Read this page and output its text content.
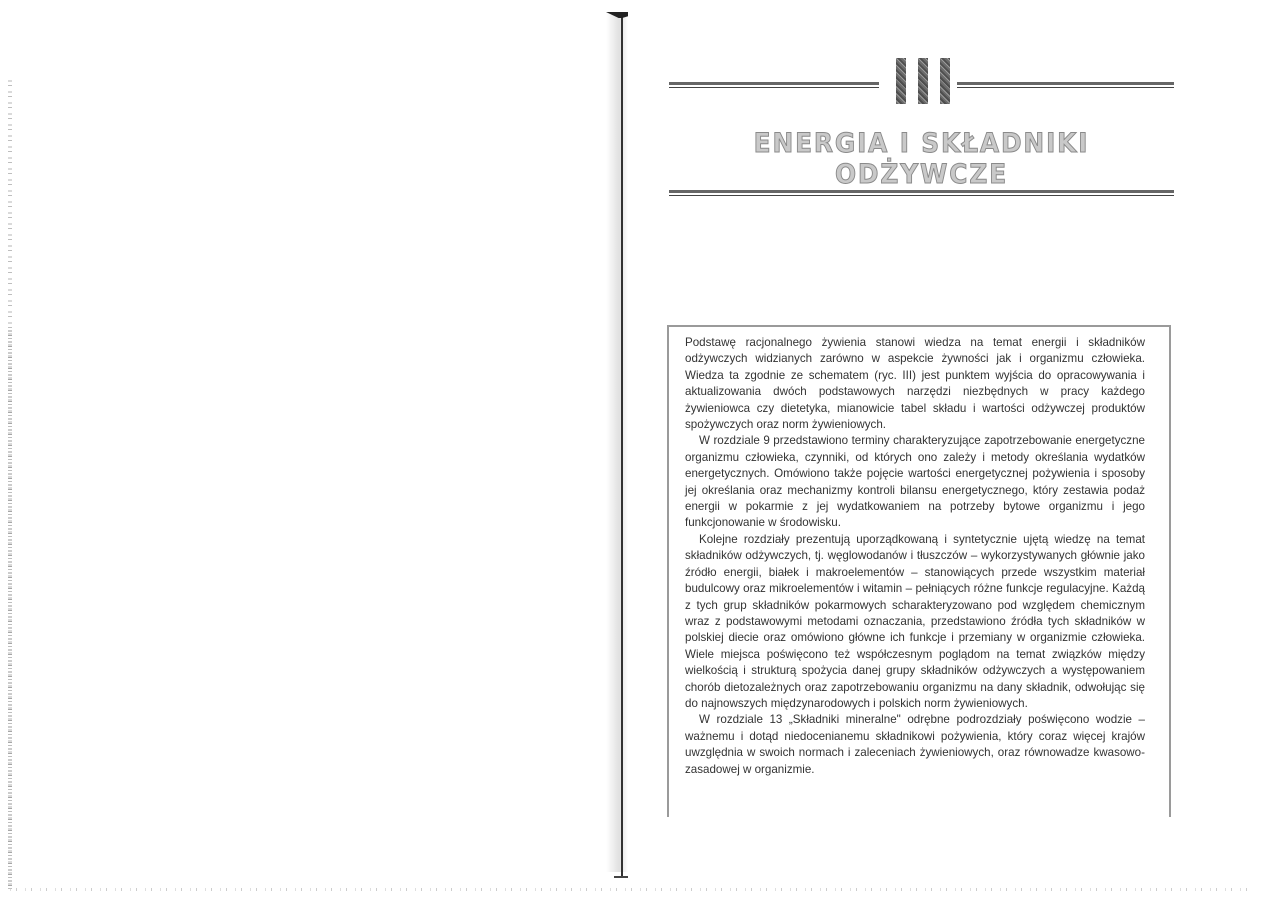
ENERGIA I SKŁADNIKI ODŻYWCZE

Podstawę racjonalnego żywienia stanowi wiedza na temat energii i składników odżywczych widzianych zarówno w aspekcie żywności jak i organizmu człowieka. Wiedza ta zgodnie ze schematem (ryc. III) jest punktem wyjścia do opracowywania i aktualizowania dwóch podstawowych narzędzi niezbędnych w pracy każdego żywieniowca czy dietetyka, mianowicie tabel składu i wartości odżywczej produktów spożywczych oraz norm żywieniowych.

W rozdziale 9 przedstawiono terminy charakteryzujące zapotrzebowanie energetyczne organizmu człowieka, czynniki, od których ono zależy i metody określania wydatków energetycznych. Omówiono także pojęcie wartości energetycznej pożywienia i sposoby jej określania oraz mechanizmy kontroli bilansu energetycznego, który zestawia podaż energii w pokarmie z jej wydatkowaniem na potrzeby bytowe organizmu i jego funkcjonowanie w środowisku.

Kolejne rozdziały prezentują uporządkowaną i syntetycznie ujętą wiedzę na temat składników odżywczych, tj. węglowodanów i tłuszczów – wykorzystywanych głównie jako źródło energii, białek i makroelementów – stanowiących przede wszystkim materiał budulcowy oraz mikroelementów i witamin – pełniących różne funkcje regulacyjne. Każdą z tych grup składników pokarmowych scharakteryzowano pod względem chemicznym wraz z podstawowymi metodami oznaczania, przedstawiono źródła tych składników w polskiej diecie oraz omówiono główne ich funkcje i przemiany w organizmie człowieka. Wiele miejsca poświęcono też współczesnym poglądom na temat związków między wielkością i strukturą spożycia danej grupy składników odżywczych a występowaniem chorób dietozależnych oraz zapotrzebowaniu organizmu na dany składnik, odwołując się do najnowszych międzynarodowych i polskich norm żywieniowych.

W rozdziale 13 „Składniki mineralne" odrębne podrozdziały poświęcono wodzie – ważnemu i dotąd niedocenianemu składnikowi pożywienia, który coraz więcej krajów uwzględnia w swoich normach i zaleceniach żywieniowych, oraz równowadze kwasowo-zasadowej w organizmie.
